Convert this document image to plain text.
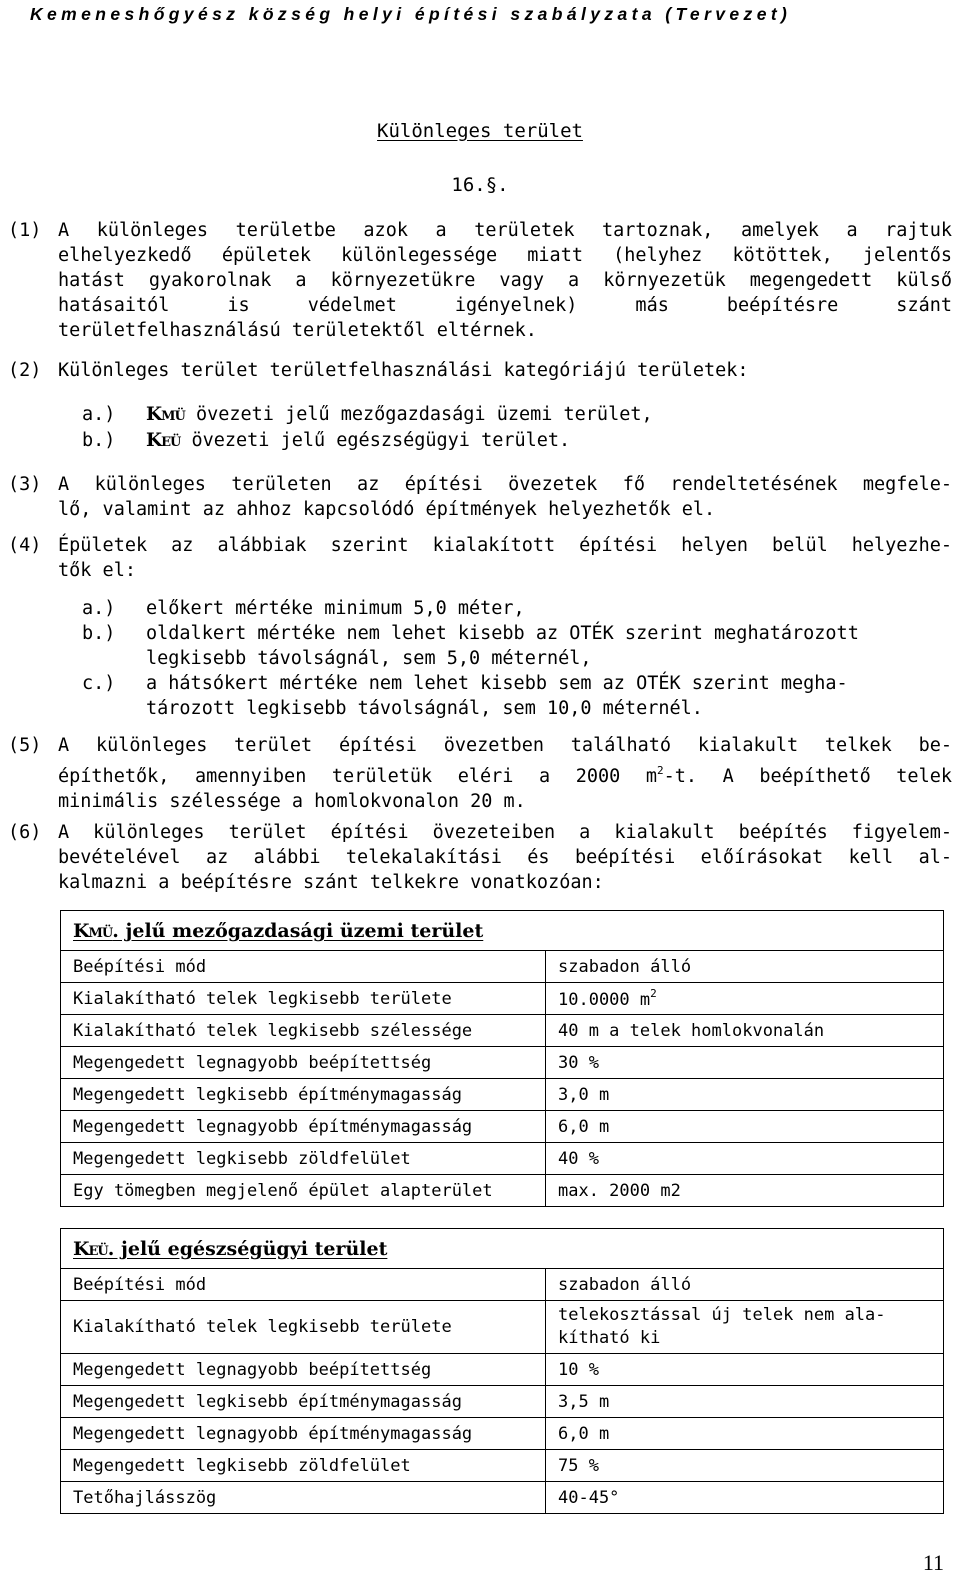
Kemeneshőgyész község helyi építési szabályzata (Tervezet)
Különleges terület
16.§.
(1) A különleges területbe azok a területek tartoznak, amelyek a rajtuk
elhelyezkedő épületek különlegessége miatt (helyhez kötöttek, jelentős
hatást gyakorolnak a környezetükre vagy a környezetük megengedett külső
hatásaitól is védelmet igényelnek) más beépítésre szánt
területfelhasználású területektől eltérnek.
(2) Különleges terület területfelhasználási kategóriájú területek:
a.) KMÜ övezeti jelű mezőgazdasági üzemi terület,
b.) KEÜ övezeti jelű egészségügyi terület.
(3) A különleges területen az építési övezetek fő rendeltetésének megfele-
lő, valamint az ahhoz kapcsolódó építmények helyezhetők el.
(4) Épületek az alábbiak szerint kialakított építési helyen belül helyezhe-
tők el:
a.) előkert mértéke minimum 5,0 méter,
b.) oldalkert mértéke nem lehet kisebb az OTÉK szerint meghatározott
legkisebb távolságnál, sem 5,0 méternél,
c.) a hátsókert mértéke nem lehet kisebb sem az OTÉK szerint megha-
tározott legkisebb távolságnál, sem 10,0 méternél.
(5) A különleges terület építési övezetben található kialakult telkek be-
építhetők, amennyiben területük eléri a 2000 $m^2-t$. A beépíthető telek
minimális szélessége a homlokvonalon 20 m.
(6) A különleges terület építési övezeteiben a kialakult beépítés figyelem-
bevételével az alábbi telekalakítási és beépítési előírásokat kell al-
kalmazni a beépítésre szánt telkekre vonatkozóan:
KMÜ. jelű mezőgazdasági üzemi terület	
Beépítési mód	szabadon álló
Kialakítható telek legkisebb területe	10.0000 $m^2$
Kialakítható telek legkisebb szélessége	40 m a telek homlokvonalán
Megengedett legnagyobb beépítettség	30 %
Megengedett legkisebb építménymagasság	3,0 m
Megengedett legnagyobb építménymagasság	6,0 m
Megengedett legkisebb zöldfelület	40 %
Egy tömegben megjelenő épület alapterület	max. 2000 m2
KEÜ. jelű egészségügyi terület	
Beépítési mód	szabadon álló
Kialakítható telek legkisebb területe	telekosztással új telek nem ala-
kítható ki

Megengedett legnagyobb beépítettség	10 %
Megengedett legkisebb építménymagasság	3,5 m
Megengedett legnagyobb építménymagasság	6,0 m
Megengedett legkisebb zöldfelület	75 %
Tetőhajlásszög	40-45°
11
